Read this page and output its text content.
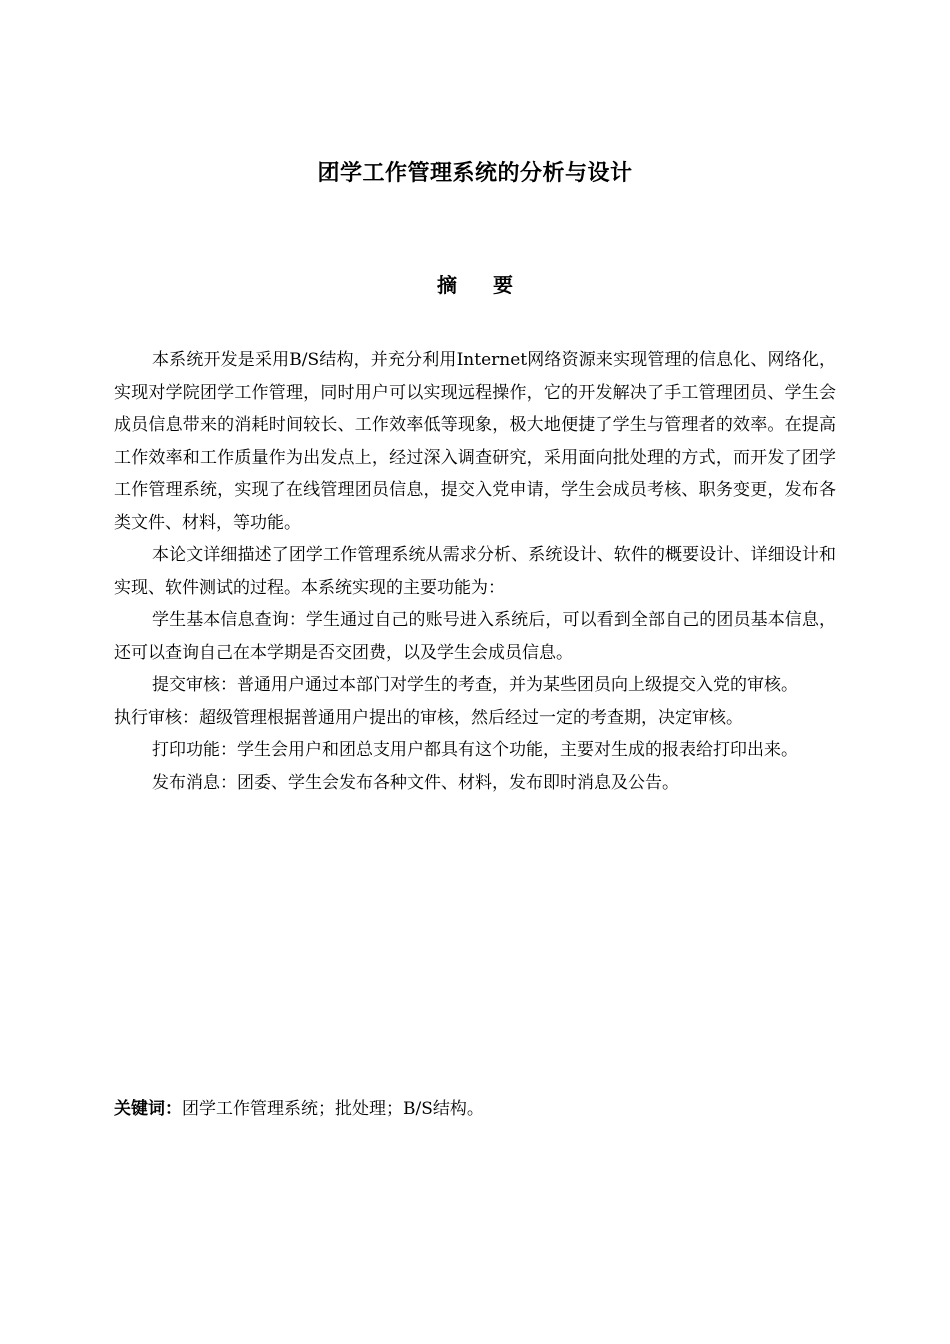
团学工作管理系统的分析与设计
摘 要

本系统开发是采用B/S结构，并充分利用Internet网络资源来实现管理的信息化、网络化，实现对学院团学工作管理，同时用户可以实现远程操作，它的开发解决了手工管理团员、学生会成员信息带来的消耗时间较长、工作效率低等现象，极大地便捷了学生与管理者的效率。在提高工作效率和工作质量作为出发点上，经过深入调查研究，采用面向批处理的方式，而开发了团学工作管理系统，实现了在线管理团员信息，提交入党申请，学生会成员考核、职务变更，发布各类文件、材料，等功能。

本论文详细描述了团学工作管理系统从需求分析、系统设计、软件的概要设计、详细设计和实现、软件测试的过程。本系统实现的主要功能为：

学生基本信息查询：学生通过自己的账号进入系统后，可以看到全部自己的团员基本信息，还可以查询自己在本学期是否交团费，以及学生会成员信息。

提交审核：普通用户通过本部门对学生的考查，并为某些团员向上级提交入党的审核。

执行审核：超级管理根据普通用户提出的审核，然后经过一定的考查期，决定审核。

打印功能：学生会用户和团总支用户都具有这个功能，主要对生成的报表给打印出来。

发布消息：团委、学生会发布各种文件、材料，发布即时消息及公告。

关键词：团学工作管理系统；批处理；B/S结构。
